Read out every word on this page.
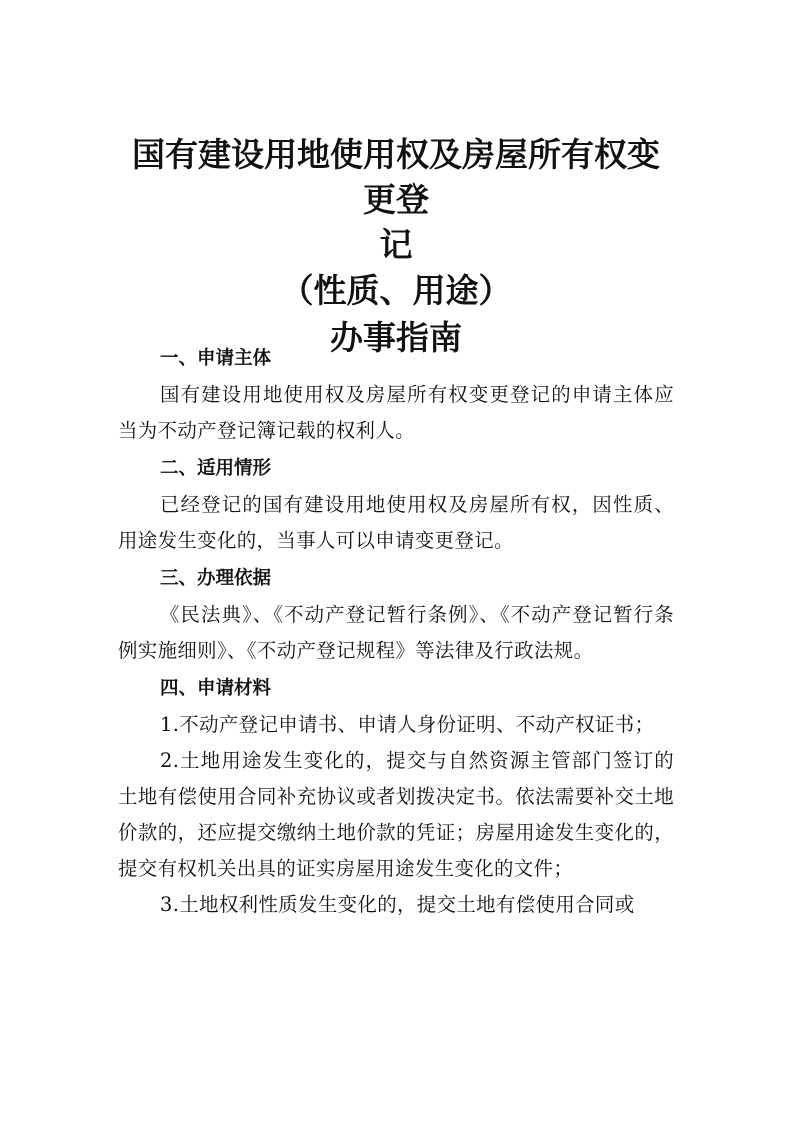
国有建设用地使用权及房屋所有权变更登
记
（性质、用途）
办事指南

一、申请主体

国有建设用地使用权及房屋所有权变更登记的申请主体应当为不动产登记簿记载的权利人。

二、适用情形

已经登记的国有建设用地使用权及房屋所有权，因性质、用途发生变化的，当事人可以申请变更登记。

三、办理依据

《民法典》、《不动产登记暂行条例》、《不动产登记暂行条例实施细则》、《不动产登记规程》等法律及行政法规。

四、申请材料

1.不动产登记申请书、申请人身份证明、不动产权证书；

2.土地用途发生变化的，提交与自然资源主管部门签订的土地有偿使用合同补充协议或者划拨决定书。依法需要补交土地价款的，还应提交缴纳土地价款的凭证；房屋用途发生变化的，提交有权机关出具的证实房屋用途发生变化的文件；

3.土地权利性质发生变化的，提交土地有偿使用合同或
